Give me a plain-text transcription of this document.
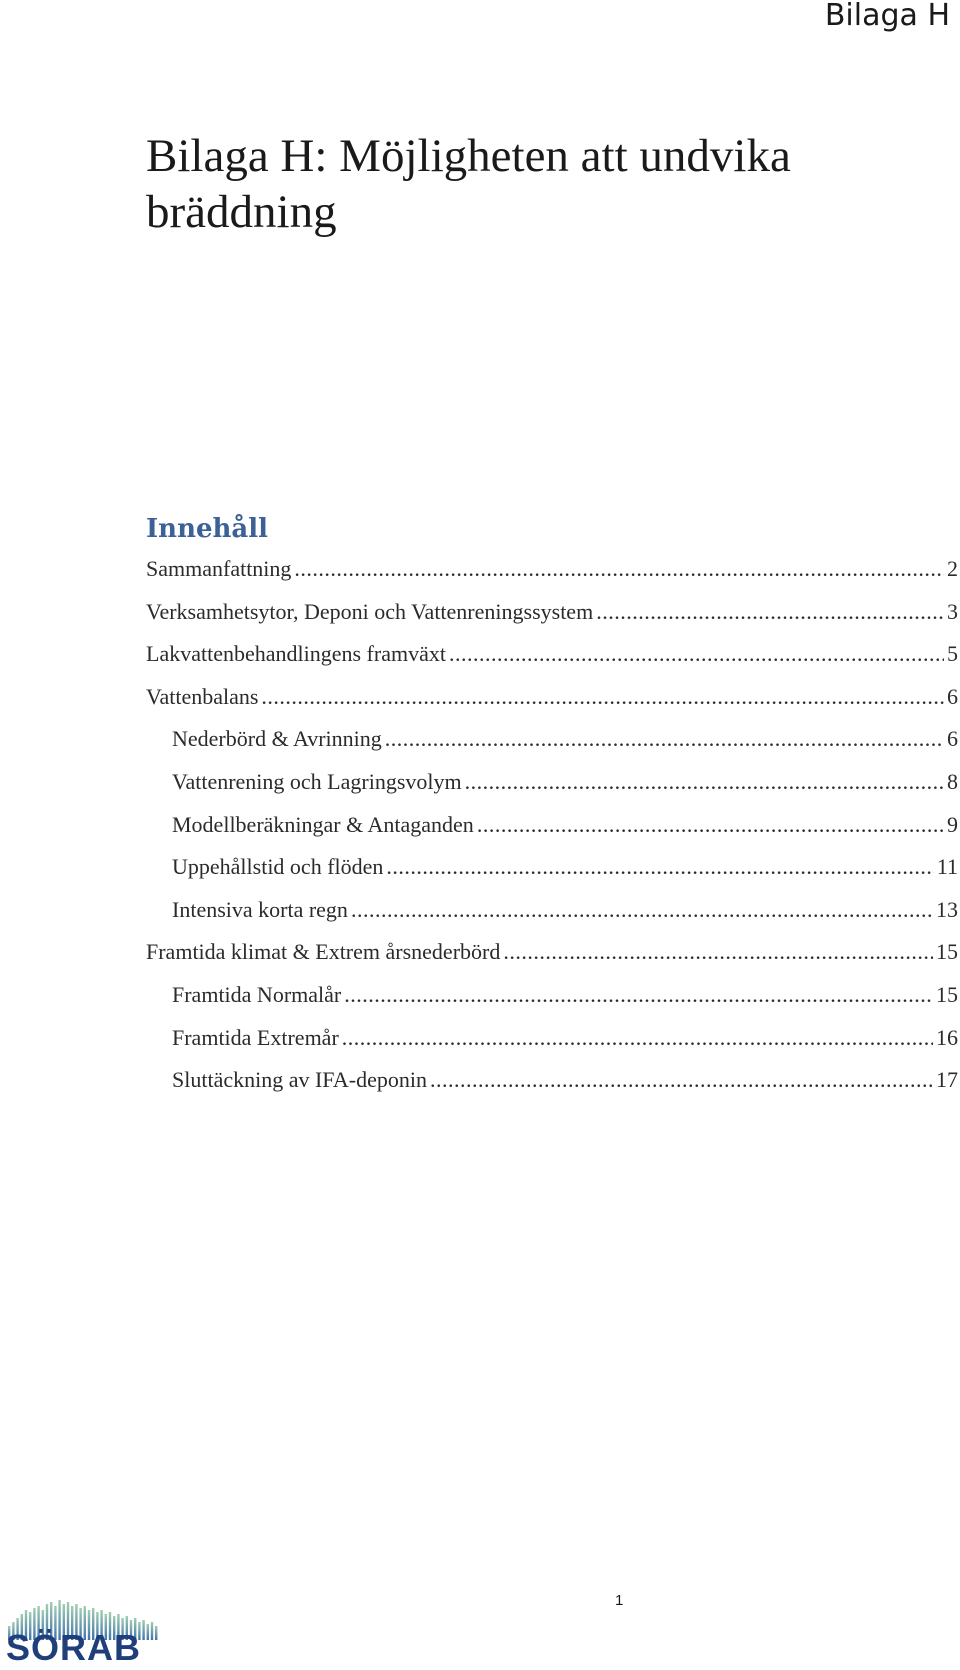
Bilaga H
Bilaga H: Möjligheten att undvika bräddning
Innehåll
Sammanfattning .....	2
Verksamhetsytor, Deponi och Vattenreningssystem .....	3
Lakvattenbehandlingens framväxt .....	5
Vattenbalans .....	6
Nederbörd & Avrinning .....	6
Vattenrening och Lagringsvolym .....	8
Modellberäkningar & Antaganden .....	9
Uppehållstid och flöden .....	11
Intensiva korta regn .....	13
Framtida klimat & Extrem årsnederbörd .....	15
Framtida Normalår .....	15
Framtida Extremår .....	16
Sluttäckning av IFA-deponin .....	17
1
SÖRAB
